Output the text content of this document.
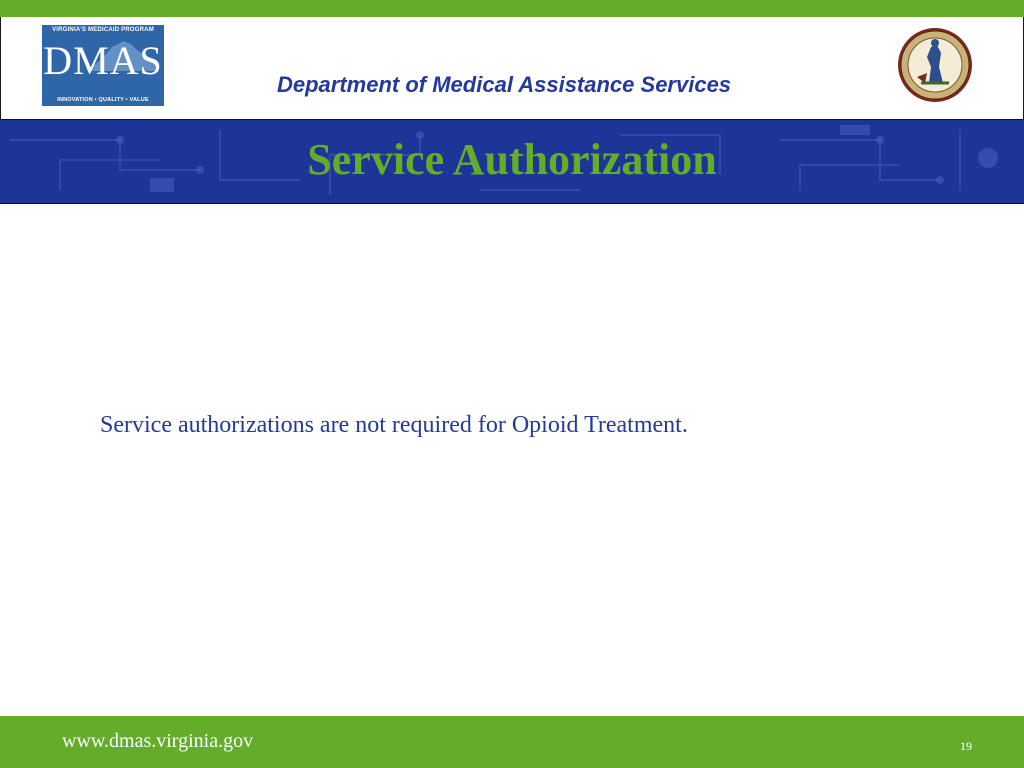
VIRGINIA'S MEDICAID PROGRAM
DMAS
INNOVATION • QUALITY • VALUE
Department of Medical Assistance Services
Service Authorization
Service authorizations are not required for Opioid Treatment.
www.dmas.virginia.gov	19
